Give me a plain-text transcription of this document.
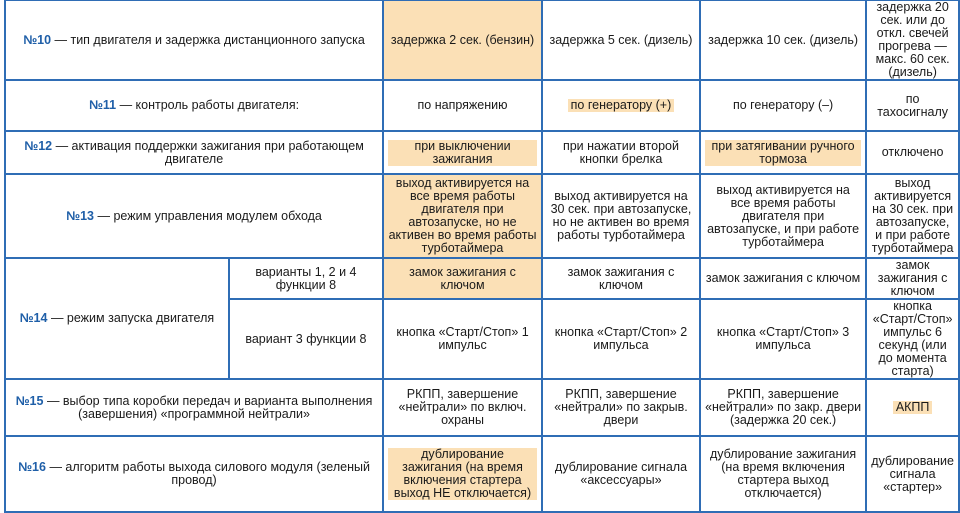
№10 — тип двигателя и задержка дистанционного запуска		задержка 2 сек. (бензин)	задержка 5 сек. (дизель)	задержка 10 сек. (дизель)	задержка 20 сек. или до откл. свечей прогрева — макс. 60 сек. (дизель)
№11 — контроль работы двигателя:		по напряжению	по генератору (+)	по генератору (–)	по тахосигналу
№12 — активация поддержки зажигания при работающем двигателе		при выключении зажигания	при нажатии второй кнопки брелка	при затягивании ручного тормоза	отключено
№13 — режим управления модулем обхода		выход активируется на все время работы двигателя при автозапуске, но не активен во время работы турботаймера	выход активируется на 30 сек. при автозапуске, но не активен во время работы турботаймера	выход активируется на все время работы двигателя при автозапуске, и при работе турботаймера	выход активируется на 30 сек. при автозапуске, и при работе турботаймера
№14 — режим запуска двигателя	варианты 1, 2 и 4 функции 8	замок зажигания с ключом	замок зажигания с ключом	замок зажигания с ключом	замок зажигания с ключом
	вариант 3 функции 8	кнопка «Старт/Стоп» 1 импульс	кнопка «Старт/Стоп» 2 импульса	кнопка «Старт/Стоп» 3 импульса	кнопка «Старт/Стоп» импульс 6 секунд (или до момента старта)
№15 — выбор типа коробки передач и варианта выполнения (завершения) «программной нейтрали»		РКПП, завершение «нейтрали» по включ. охраны	РКПП, завершение «нейтрали» по закрыв. двери	РКПП, завершение «нейтрали» по закр. двери (задержка 20 сек.)	АКПП
№16 — алгоритм работы выхода силового модуля (зеленый провод)		дублирование зажигания (на время включения стартера выход НЕ отключается)	дублирование сигнала «аксессуары»	дублирование зажигания (на время включения стартера выход отключается)	дублирование сигнала «стартер»
